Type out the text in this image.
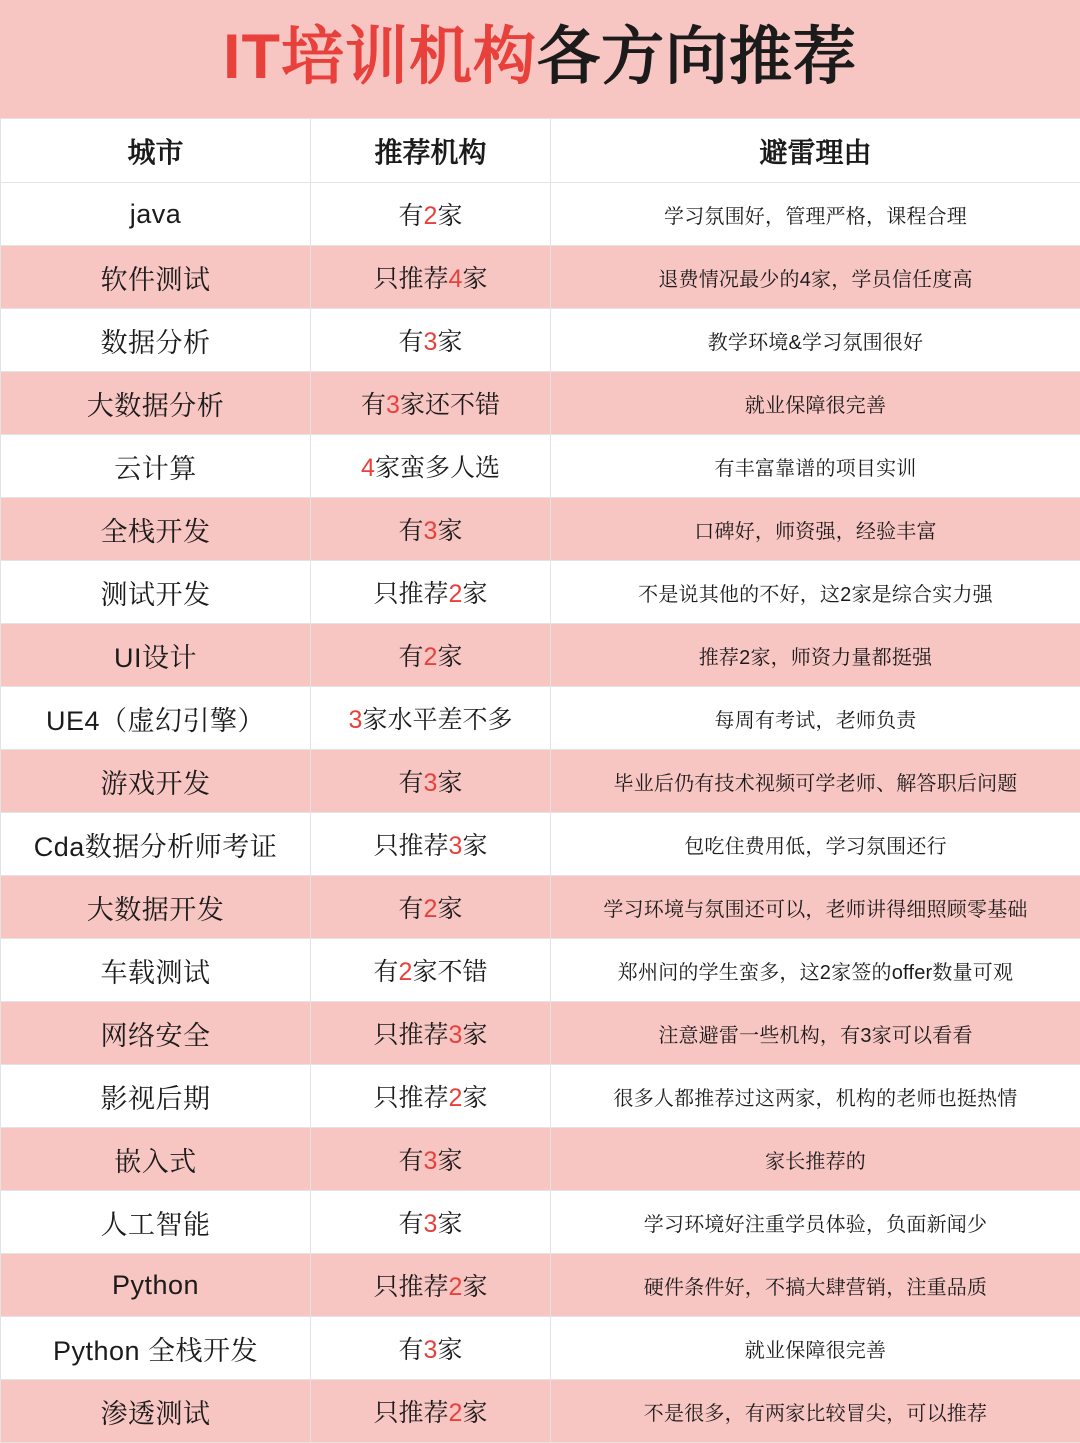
IT培训机构各方向推荐
城市	推荐机构	避雷理由
java	有2家	学习氛围好，管理严格，课程合理
软件测试	只推荐4家	退费情况最少的4家，学员信任度高
数据分析	有3家	教学环境&学习氛围很好
大数据分析	有3家还不错	就业保障很完善
云计算	4家蛮多人选	有丰富靠谱的项目实训
全栈开发	有3家	口碑好，师资强，经验丰富
测试开发	只推荐2家	不是说其他的不好，这2家是综合实力强
UI设计	有2家	推荐2家，师资力量都挺强
UE4（虚幻引擎）	3家水平差不多	每周有考试，老师负责
游戏开发	有3家	毕业后仍有技术视频可学老师、解答职后问题
Cda数据分析师考证	只推荐3家	包吃住费用低，学习氛围还行
大数据开发	有2家	学习环境与氛围还可以，老师讲得细照顾零基础
车载测试	有2家不错	郑州问的学生蛮多，这2家签的offer数量可观
网络安全	只推荐3家	注意避雷一些机构，有3家可以看看
影视后期	只推荐2家	很多人都推荐过这两家，机构的老师也挺热情
嵌入式	有3家	家长推荐的
人工智能	有3家	学习环境好注重学员体验，负面新闻少
Python	只推荐2家	硬件条件好，不搞大肆营销，注重品质
Python 全栈开发	有3家	就业保障很完善
渗透测试	只推荐2家	不是很多，有两家比较冒尖，可以推荐
